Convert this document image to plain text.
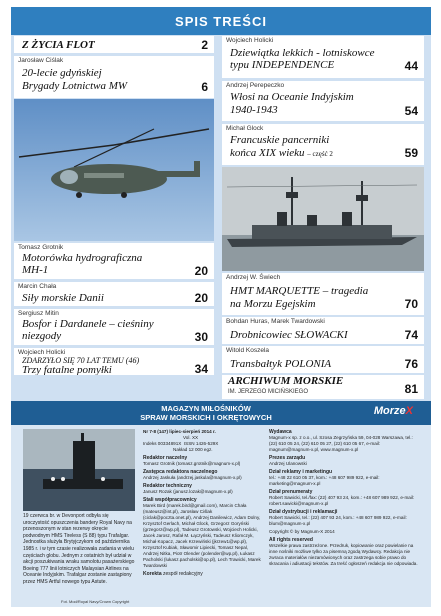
SPIS TREŚCI
Z ŻYCIA FLOT	2
Jarosław Ciślak
20-lecie gdyńskiej
Brygady Lotnictwa MW	6
Tomasz Grotnik
Motorówka hydrograficzna
MH-1	20
Marcin Chała
Siły morskie Danii	20
Sergiusz Mitin
Bosfor i Dardanele – cieśniny
niezgody	30
Wojciech Holicki
ZDARZYŁO SIĘ 70 LAT TEMU (46)
Trzy fatalne pomyłki	34
Wojciech Holicki
Dziewiątka lekkich - lotniskowce
typu INDEPENDENCE	44
Andrzej Perepeczko
Włosi na Oceanie Indyjskim
1940-1943	54
Michał Glock
Francuskie pancerniki
końca XIX wieku – część 2	59
Andrzej W. Świech
HMT MARQUETTE – tragedia
na Morzu Egejskim	70
Bohdan Huras, Marek Twardowski
Drobnicowiec SŁOWACKI	74
Witold Koszela
Transbałtyk POLONIA	76
ARCHIWUM MORSKIE
IM. JERZEGO MICIŃSKIEGO	81
MAGAZYN MIŁOŚNIKÓW
SPRAW MORSKICH I OKRĘTOWYCH
MorzeX
19 czerwca br. w Devonport odbyła się uroczystość opuszczenia bandery Royal Navy na przenoszonym w stan rezerwy okręcie podwodnym HMS Tireless (S 88) typu Trafalgar. Jednostka służyła Brytyjczykom od października 1985 r. i w tym czasie realizowała zadania w wielu częściach globu. Jednym z ostatnich był udział w akcji poszukiwania wraku samolotu pasażerskiego Boeing 777 linii lotniczych Malaysian Airlines na Oceanie Indyjskim. Trafalgar zostanie zastąpiony przez HMS Artful nowego typu Astute.
Fot. Mod/Royal Navy/Crown Copyright
Nr 7-8 (147) lipiec-sierpień 2014 r.
Vol. XX
Indeks 00334891X ISSN 1426-529X
Nakład 12 000 egz.
Redaktor naczelny
Tomasz Grotnik (tomasz.grotnik@magnum-x.pl)
Zastępca redaktora naczelnego
Andrzej Jaskuła (andrzej.jaskula@magnum-x.pl)
Redaktor techniczny
Janusz Rozak (janusz.lozak@magnum-x.pl)
Stali współpracownicy
Marek Bird (marek.bird@gmail.com), Marcin Chała (mateusz@int.pl), Jarosław Ciślak (ciclak@poczta.onet.pl), Andrzej Danilewicz, Adam Dolny, Krzysztof Gerlach, Michał Glock, Grzegorz Goryński (grzegorz@wp.pl), Tadeusz Grotowski, Wojciech Holicki, Jacek Jarosz, Rafał M. Łączyński, Tadeusz Kliomczyk, Michał Kopacz, Jacek Krzewiński (jkrzew1@wp.pl), Krzysztof Kubiak, Sławomir Lipiecki, Tomasz Nepal, Andrzej Nitka, Piotr Olender (polender@wp.pl), Łukasz Pacholski (lukasz.pacholski@op.pl), Lech Trawicki, Marek Twardowski
Korekta zespół redakcyjny
Wydawca
Magnum-x sp. z o.o., ul. Szosa Zegrzyńska 59, 04-028 Warszawa, tel.: (22) 610 05 24, (22) 610 05 27, (22) 610 05 67, e-mail: magnum@magnum-x.pl, www.magnum-x.pl
Prezes zarządu
Andrzej Ulanowski
Dział reklamy i marketingu
tel.: +48 22 610 05 37, kom.: +48 607 989 922, e-mail: marketing@magnum-x.pl
Dział prenumeraty
Robert Sawicki, tel./fax: (22) 407 93 24, kom.: +48 607 989 922, e-mail: robert.sawicki@magnum-x.pl
Dział dystrybucji i reklamacji
Robert Sawicki, tel.: (22) 407 93 24, kom.: +48 607 989 922, e-mail: blum@magnum-x.pl
Copyright © by Magnum-X 2014
All rights reserved
Wszelkie prawa zastrzeżone. Przedruk, kopiowanie oraz powielanie na inne nośniki możliwe tylko za pisemną zgodą Wydawcy. Redakcja nie zwraca materiałów niezamówionych oraz zastrzega sobie prawo do skracania i adiustacji tekstów. Za treść ogłoszeń redakcja nie odpowiada.
